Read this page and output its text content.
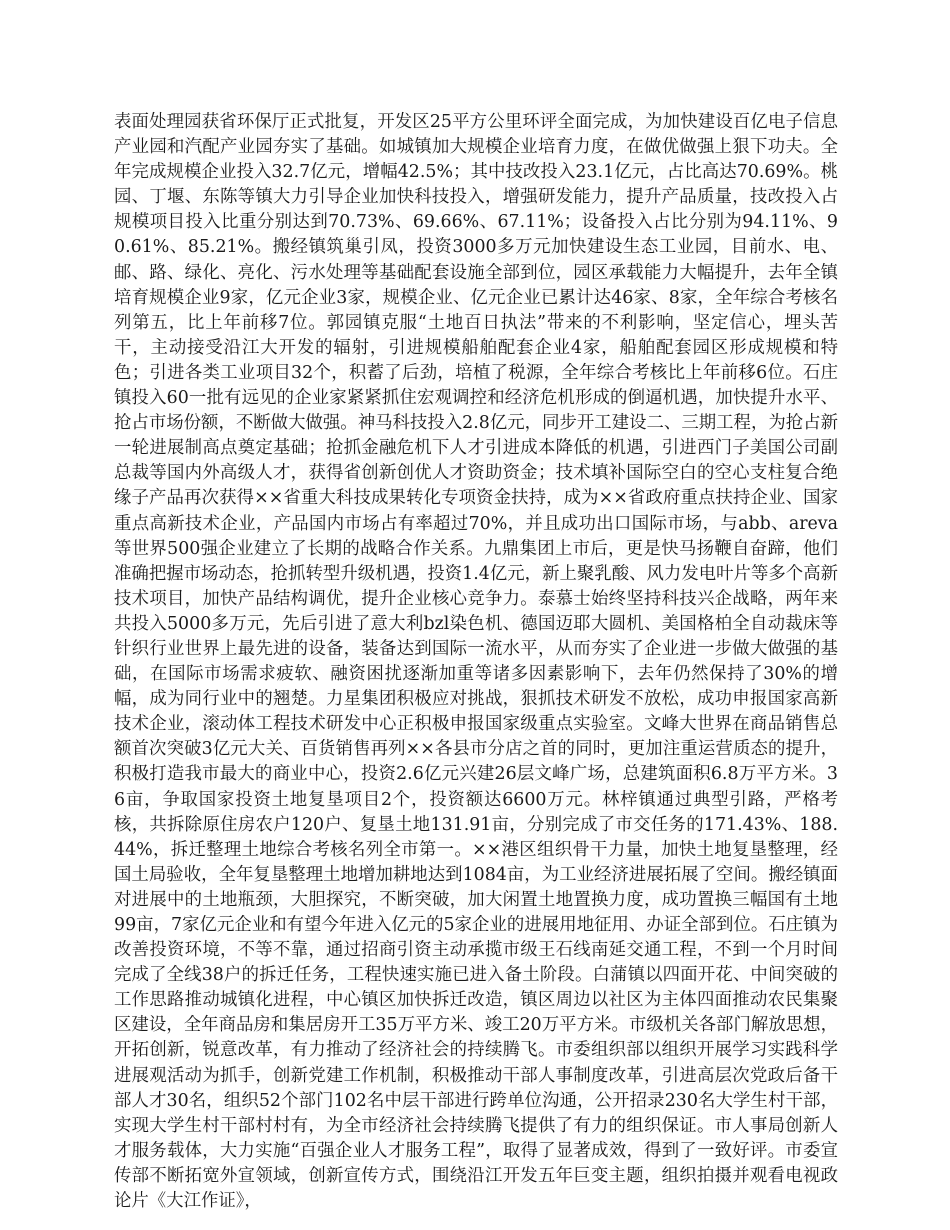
表面处理园获省环保厅正式批复，开发区25平方公里环评全面完成，为加快建设百亿电子信息产业园和汽配产业园夯实了基础。如城镇加大规模企业培育力度，在做优做强上狠下功夫。全年完成规模企业投入32.7亿元，增幅42.5%；其中技改投入23.1亿元，占比高达70.69%。桃园、丁堰、东陈等镇大力引导企业加快科技投入，增强研发能力，提升产品质量，技改投入占规模项目投入比重分别达到70.73%、69.66%、67.11%；设备投入占比分别为94.11%、90.61%、85.21%。搬经镇筑巢引凤，投资3000多万元加快建设生态工业园，目前水、电、邮、路、绿化、亮化、污水处理等基础配套设施全部到位，园区承载能力大幅提升，去年全镇培育规模企业9家，亿元企业3家，规模企业、亿元企业已累计达46家、8家，全年综合考核名列第五，比上年前移7位。郭园镇克服“土地百日执法”带来的不利影响，坚定信心，埋头苦干，主动接受沿江大开发的辐射，引进规模船舶配套企业4家，船舶配套园区形成规模和特色；引进各类工业项目32个，积蓄了后劲，培植了税源，全年综合考核比上年前移6位。石庄镇投入60一批有远见的企业家紧紧抓住宏观调控和经济危机形成的倒逼机遇，加快提升水平、抢占市场份额，不断做大做强。神马科技投入2.8亿元，同步开工建设二、三期工程，为抢占新一轮进展制高点奠定基础；抢抓金融危机下人才引进成本降低的机遇，引进西门子美国公司副总裁等国内外高级人才，获得省创新创优人才资助资金；技术填补国际空白的空心支柱复合绝缘子产品再次获得××省重大科技成果转化专项资金扶持，成为××省政府重点扶持企业、国家重点高新技术企业，产品国内市场占有率超过70%，并且成功出口国际市场，与abb、areva等世界500强企业建立了长期的战略合作关系。九鼎集团上市后，更是快马扬鞭自奋蹄，他们准确把握市场动态，抢抓转型升级机遇，投资1.4亿元，新上聚乳酸、风力发电叶片等多个高新技术项目，加快产品结构调优，提升企业核心竞争力。泰慕士始终坚持科技兴企战略，两年来共投入5000多万元，先后引进了意大利bzl染色机、德国迈耶大圆机、美国格柏全自动裁床等针织行业世界上最先进的设备，装备达到国际一流水平，从而夯实了企业进一步做大做强的基础，在国际市场需求疲软、融资困扰逐渐加重等诸多因素影响下，去年仍然保持了30%的增幅，成为同行业中的翘楚。力星集团积极应对挑战，狠抓技术研发不放松，成功申报国家高新技术企业，滚动体工程技术研发中心正积极申报国家级重点实验室。文峰大世界在商品销售总额首次突破3亿元大关、百货销售再列××各县市分店之首的同时，更加注重运营质态的提升，积极打造我市最大的商业中心，投资2.6亿元兴建26层文峰广场，总建筑面积6.8万平方米。36亩，争取国家投资土地复垦项目2个，投资额达6600万元。林梓镇通过典型引路，严格考核，共拆除原住房农户120户、复垦土地131.91亩，分别完成了市交任务的171.43%、188.44%，拆迁整理土地综合考核名列全市第一。××港区组织骨干力量，加快土地复垦整理，经国土局验收，全年复垦整理土地增加耕地达到1084亩，为工业经济进展拓展了空间。搬经镇面对进展中的土地瓶颈，大胆探究，不断突破，加大闲置土地置换力度，成功置换三幅国有土地99亩，7家亿元企业和有望今年进入亿元的5家企业的进展用地征用、办证全部到位。石庄镇为改善投资环境，不等不靠，通过招商引资主动承揽市级王石线南延交通工程，不到一个月时间完成了全线38户的拆迁任务，工程快速实施已进入备土阶段。白蒲镇以四面开花、中间突破的工作思路推动城镇化进程，中心镇区加快拆迁改造，镇区周边以社区为主体四面推动农民集聚区建设，全年商品房和集居房开工35万平方米、竣工20万平方米。市级机关各部门解放思想，开拓创新，锐意改革，有力推动了经济社会的持续腾飞。市委组织部以组织开展学习实践科学进展观活动为抓手，创新党建工作机制，积极推动干部人事制度改革，引进高层次党政后备干部人才30名，组织52个部门102名中层干部进行跨单位沟通，公开招录230名大学生村干部，实现大学生村干部村村有，为全市经济社会持续腾飞提供了有力的组织保证。市人事局创新人才服务载体，大力实施“百强企业人才服务工程”，取得了显著成效，得到了一致好评。市委宣传部不断拓宽外宣领域，创新宣传方式，围绕沿江开发五年巨变主题，组织拍摄并观看电视政论片《大江作证》，
